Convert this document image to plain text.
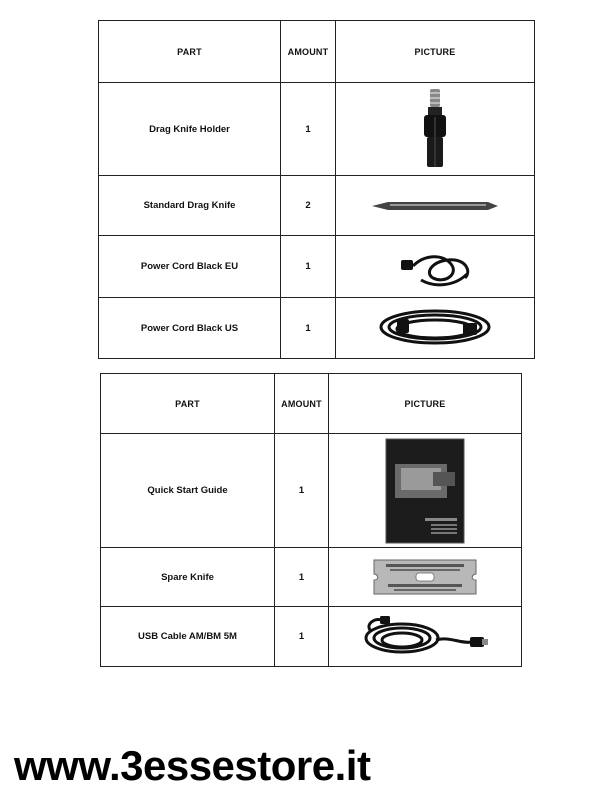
PART	AMOUNT	PICTURE
Drag Knife Holder	1	

Standard Drag Knife	2	

Power Cord Black EU	1	

Power Cord Black US	1	
PART	AMOUNT	PICTURE
Quick Start Guide	1	

Spare Knife	1	

USB Cable AM/BM 5M	1	
www.3essestore.it
